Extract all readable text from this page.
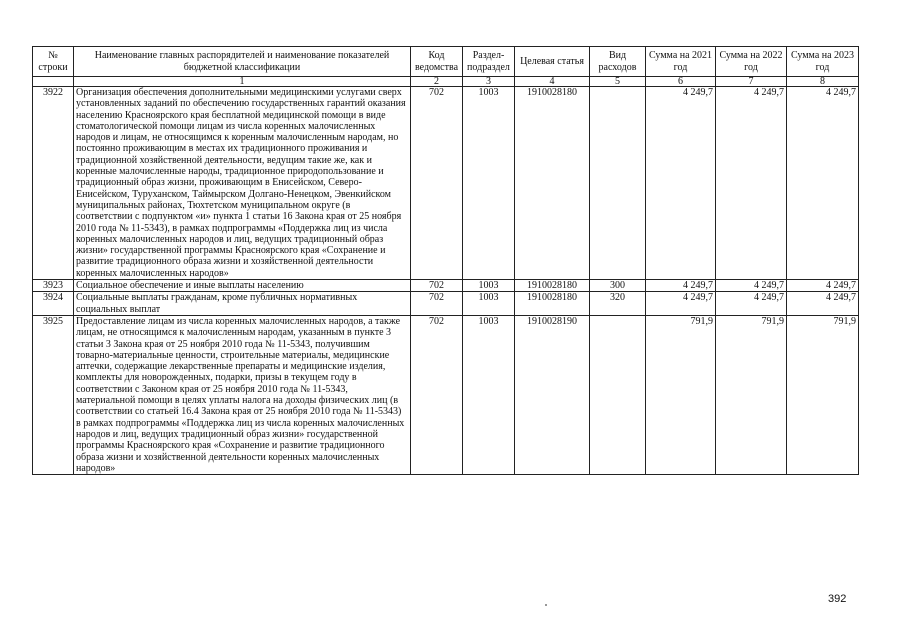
№ строки	Наименование главных распорядителей и наименование показателей бюджетной классификации	Код ведомства	Раздел-подраздел	Целевая статья	Вид расходов	Сумма на 2021 год	Сумма на 2022 год	Сумма на 2023 год
	1	2	3	4	5	6	7	8
3922	Организация обеспечения дополнительными медицинскими услугами сверх установленных заданий по обеспечению государственных гарантий оказания населению Красноярского края бесплатной медицинской помощи в виде стоматологической помощи лицам из числа коренных малочисленных народов и лицам, не относящимся к коренным малочисленным народам, но постоянно проживающим в местах их традиционного проживания и традиционной хозяйственной деятельности, ведущим такие же, как и коренные малочисленные народы, традиционное природопользование и традиционный образ жизни, проживающим в Енисейском, Северо-Енисейском, Туруханском, Таймырском Долгано-Ненецком, Эвенкийском муниципальных районах, Тюхтетском муниципальном округе (в соответствии с подпунктом «и» пункта 1 статьи 16 Закона края от 25 ноября 2010 года № 11-5343), в рамках подпрограммы «Поддержка лиц из числа коренных малочисленных народов и лиц, ведущих традиционный образ жизни» государственной программы Красноярского края «Сохранение и развитие традиционного образа жизни и хозяйственной деятельности коренных малочисленных народов»	702	1003	1910028180		4 249,7	4 249,7	4 249,7
3923	Социальное обеспечение и иные выплаты населению	702	1003	1910028180	300	4 249,7	4 249,7	4 249,7
3924	Социальные выплаты гражданам, кроме публичных нормативных социальных выплат	702	1003	1910028180	320	4 249,7	4 249,7	4 249,7
3925	Предоставление лицам из числа коренных малочисленных народов, а также лицам, не относящимся к малочисленным народам, указанным в пункте 3 статьи 3 Закона края от 25 ноября 2010 года № 11-5343, получившим товарно-материальные ценности, строительные материалы, медицинские аптечки, содержащие лекарственные препараты и медицинские изделия, комплекты для новорожденных, подарки, призы в текущем году в соответствии с Законом края от 25 ноября 2010 года № 11-5343, материальной помощи в целях уплаты налога на доходы физических лиц (в соответствии со статьей 16.4 Закона края от 25 ноября 2010 года № 11-5343) в рамках подпрограммы «Поддержка лиц из числа коренных малочисленных народов и лиц, ведущих традиционный образ жизни» государственной программы Красноярского края «Сохранение и развитие традиционного образа жизни и хозяйственной деятельности коренных малочисленных народов»	702	1003	1910028190		791,9	791,9	791,9
392
